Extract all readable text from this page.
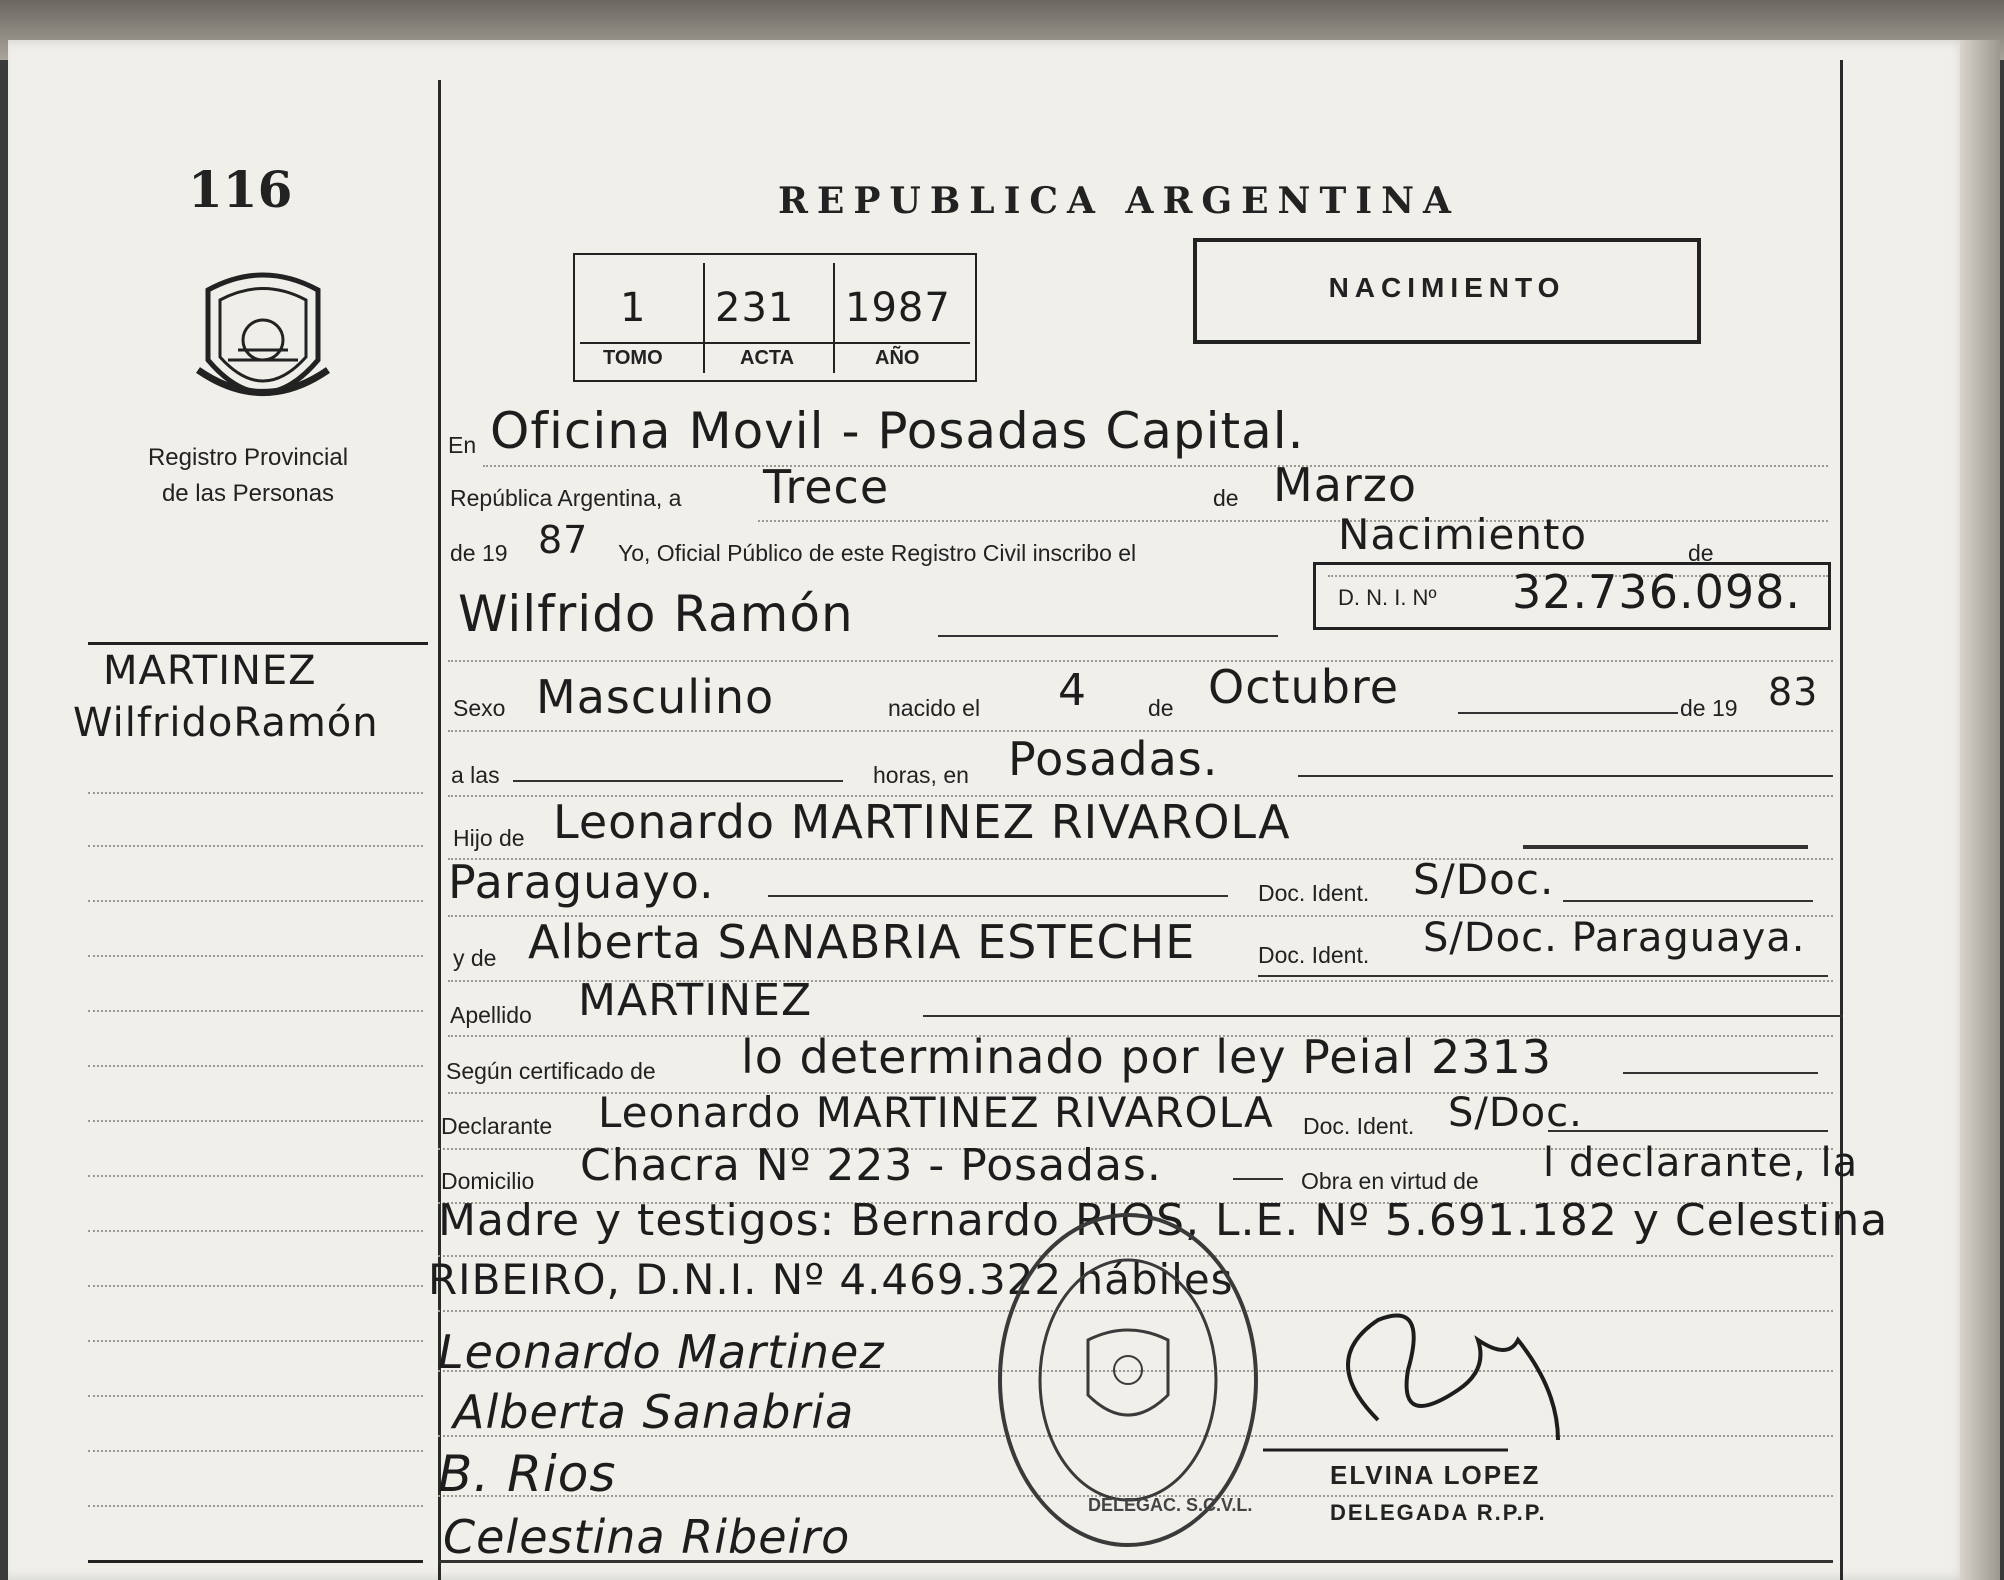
116
Registro Provincial
de las Personas
MARTINEZ
WilfridoRamón
REPUBLICA ARGENTINA
1 231 1987
TOMO	ACTA	AÑO
NACIMIENTO
En Oficina Movil - Posadas Capital.
República Argentina, a Trece	de Marzo
de 19 87 Yo, Oficial Público de este Registro Civil inscribo el	Nacimiento	de
Wilfrido Ramón	D. N. I. Nº 32.736.098.
Sexo Masculino	nacido el 4	de Octubre	de 19 83
a las	horas, en Posadas.
Hijo de Leonardo MARTINEZ RIVAROLA
Paraguayo.	Doc. Ident. S/Doc.
y de Alberta SANABRIA ESTECHE	Doc. Ident. S/Doc. Paraguaya.
Apellido MARTINEZ
Según certificado de lo determinado por ley Peial 2313
Declarante Leonardo MARTINEZ RIVAROLA Doc. Ident. S/Doc.
Domicilio Chacra Nº 223 - Posadas.	Obra en virtud de l declarante, la
Madre y testigos: Bernardo RIOS, L.E. Nº 5.691.182 y Celestina
RIBEIRO, D.N.I. Nº 4.469.322 hábiles
Leonardo Martinez
Alberta Sanabria
B. Rios
Celestina Ribeiro
DELEGAC. S.C.V.L.
ELVINA LOPEZ
DELEGADA R.P.P.
